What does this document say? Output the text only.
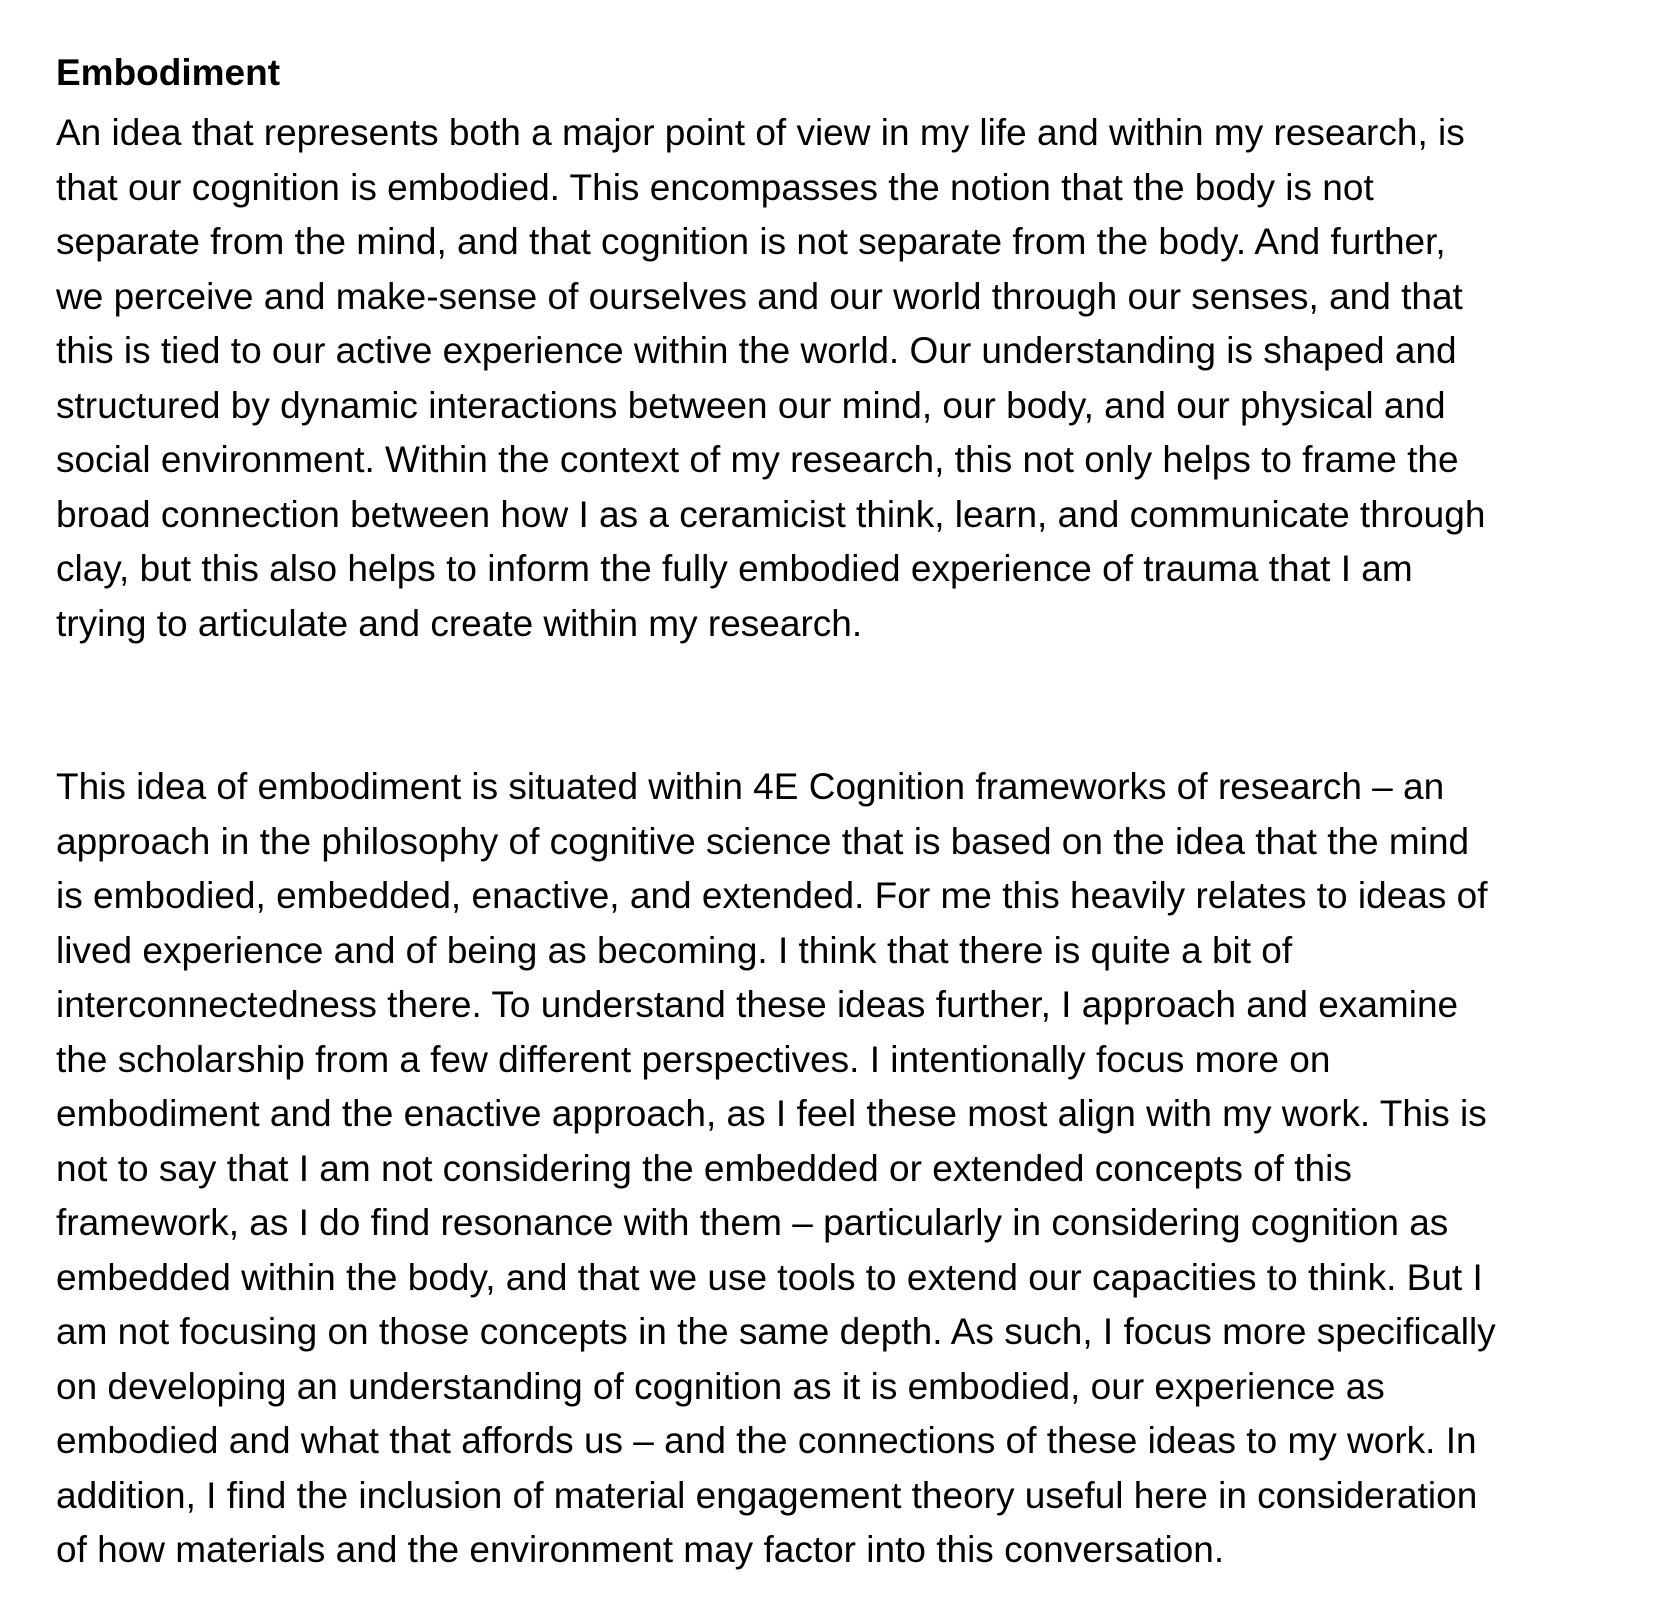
Embodiment

An idea that represents both a major point of view in my life and within my research, is
that our cognition is embodied. This encompasses the notion that the body is not
separate from the mind, and that cognition is not separate from the body. And further,
we perceive and make-sense of ourselves and our world through our senses, and that
this is tied to our active experience within the world. Our understanding is shaped and
structured by dynamic interactions between our mind, our body, and our physical and
social environment. Within the context of my research, this not only helps to frame the
broad connection between how I as a ceramicist think, learn, and communicate through
clay, but this also helps to inform the fully embodied experience of trauma that I am
trying to articulate and create within my research.

This idea of embodiment is situated within 4E Cognition frameworks of research – an
approach in the philosophy of cognitive science that is based on the idea that the mind
is embodied, embedded, enactive, and extended. For me this heavily relates to ideas of
lived experience and of being as becoming. I think that there is quite a bit of
interconnectedness there. To understand these ideas further, I approach and examine
the scholarship from a few different perspectives. I intentionally focus more on
embodiment and the enactive approach, as I feel these most align with my work. This is
not to say that I am not considering the embedded or extended concepts of this
framework, as I do find resonance with them – particularly in considering cognition as
embedded within the body, and that we use tools to extend our capacities to think. But I
am not focusing on those concepts in the same depth. As such, I focus more specifically
on developing an understanding of cognition as it is embodied, our experience as
embodied and what that affords us – and the connections of these ideas to my work. In
addition, I find the inclusion of material engagement theory useful here in consideration
of how materials and the environment may factor into this conversation.
